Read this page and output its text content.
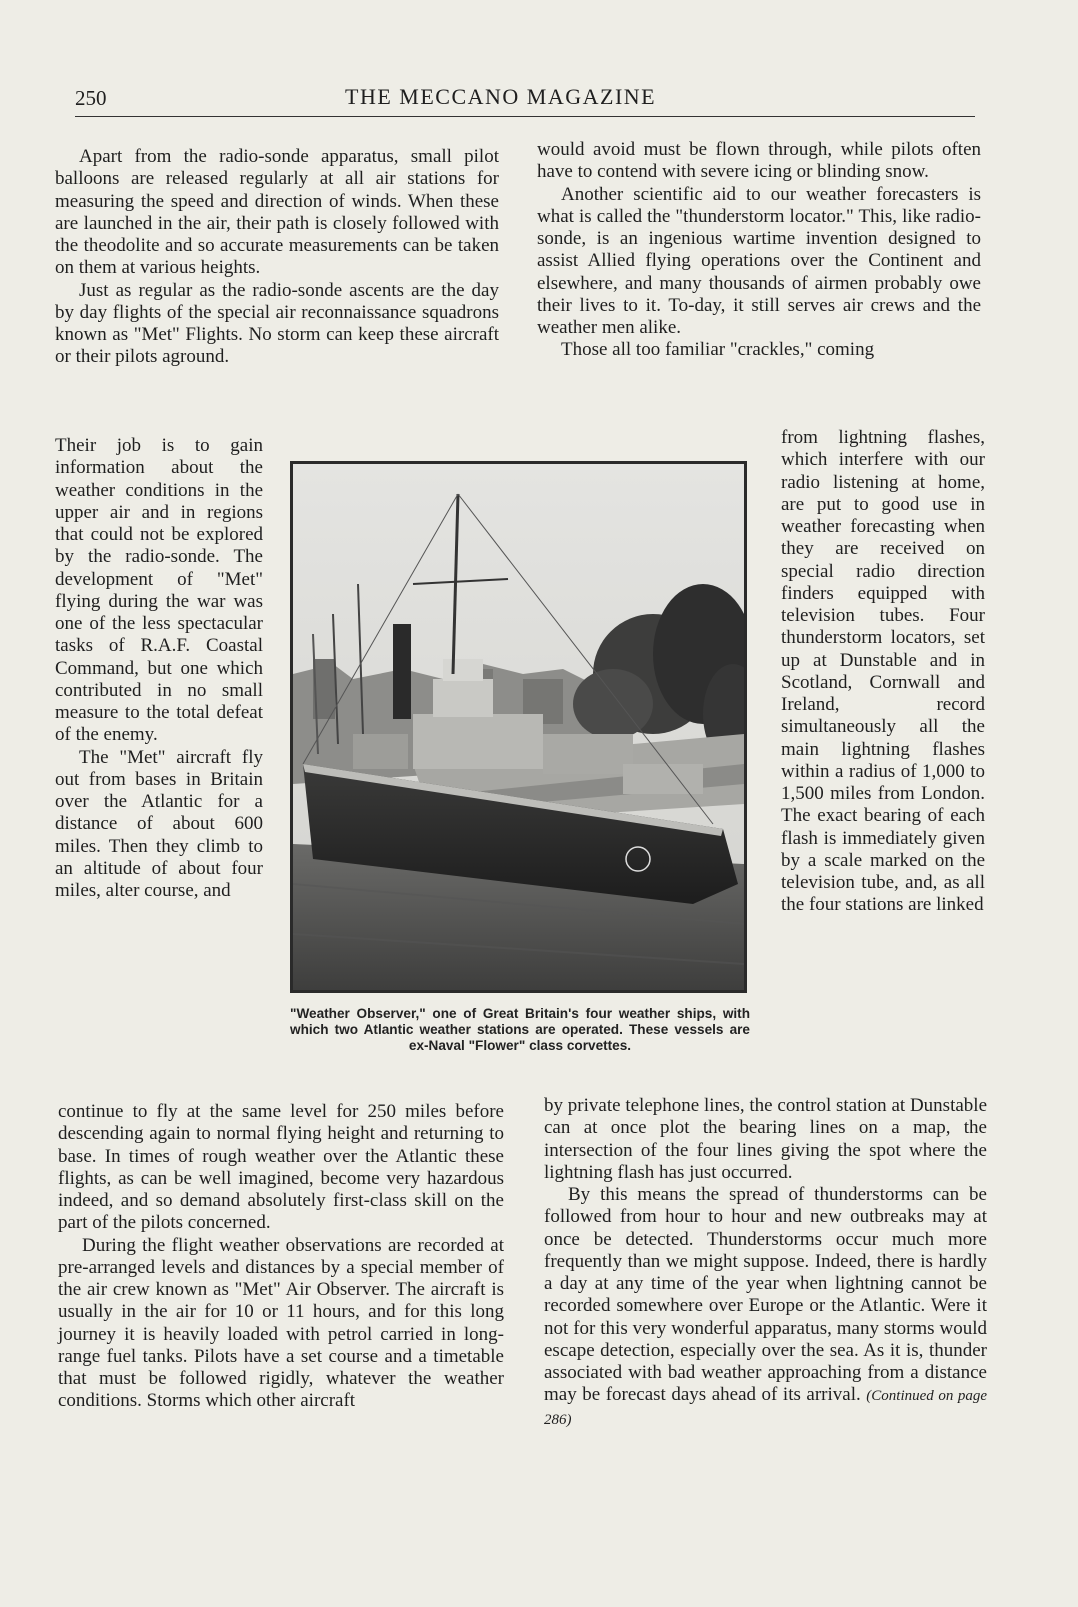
250	THE MECCANO MAGAZINE

Apart from the radio-sonde apparatus, small pilot balloons are released regularly at all air stations for measuring the speed and direction of winds. When these are launched in the air, their path is closely followed with the theodolite and so accurate measurements can be taken on them at various heights.

Just as regular as the radio-sonde ascents are the day by day flights of the special air reconnaissance squadrons known as "Met" Flights. No storm can keep these aircraft or their pilots aground.

Their job is to gain information about the weather conditions in the upper air and in regions that could not be explored by the radio-sonde. The development of "Met" flying during the war was one of the less spectacular tasks of R.A.F. Coastal Command, but one which contributed in no small measure to the total defeat of the enemy.

The "Met" aircraft fly out from bases in Britain over the Atlantic for a distance of about 600 miles. Then they climb to an altitude of about four miles, alter course, and

continue to fly at the same level for 250 miles before descending again to normal flying height and returning to base. In times of rough weather over the Atlantic these flights, as can be well imagined, become very hazardous indeed, and so demand absolutely first-class skill on the part of the pilots concerned.

During the flight weather observations are recorded at pre-arranged levels and distances by a special member of the air crew known as "Met" Air Observer. The aircraft is usually in the air for 10 or 11 hours, and for this long journey it is heavily loaded with petrol carried in long-range fuel tanks. Pilots have a set course and a timetable that must be followed rigidly, whatever the weather conditions. Storms which other aircraft

would avoid must be flown through, while pilots often have to contend with severe icing or blinding snow.

Another scientific aid to our weather forecasters is what is called the "thunderstorm locator." This, like radio-sonde, is an ingenious wartime invention designed to assist Allied flying operations over the Continent and elsewhere, and many thousands of airmen probably owe their lives to it. To-day, it still serves air crews and the weather men alike.

Those all too familiar "crackles," coming

from lightning flashes, which interfere with our radio listening at home, are put to good use in weather forecasting when they are received on special radio direction finders equipped with television tubes. Four thunderstorm locators, set up at Dunstable and in Scotland, Cornwall and Ireland, record simultaneously all the main lightning flashes within a radius of 1,000 to 1,500 miles from London. The exact bearing of each flash is immediately given by a scale marked on the television tube, and, as all the four stations are linked

by private telephone lines, the control station at Dunstable can at once plot the bearing lines on a map, the intersection of the four lines giving the spot where the lightning flash has just occurred.

By this means the spread of thunderstorms can be followed from hour to hour and new outbreaks may at once be detected. Thunderstorms occur much more frequently than we might suppose. Indeed, there is hardly a day at any time of the year when lightning cannot be recorded somewhere over Europe or the Atlantic. Were it not for this very wonderful apparatus, many storms would escape detection, especially over the sea. As it is, thunder associated with bad weather approaching from a distance may be forecast days ahead of its arrival. (Continued on page 286)

"Weather Observer," one of Great Britain's four weather ships, with which two Atlantic weather stations are operated. These vessels are ex-Naval "Flower" class corvettes.
